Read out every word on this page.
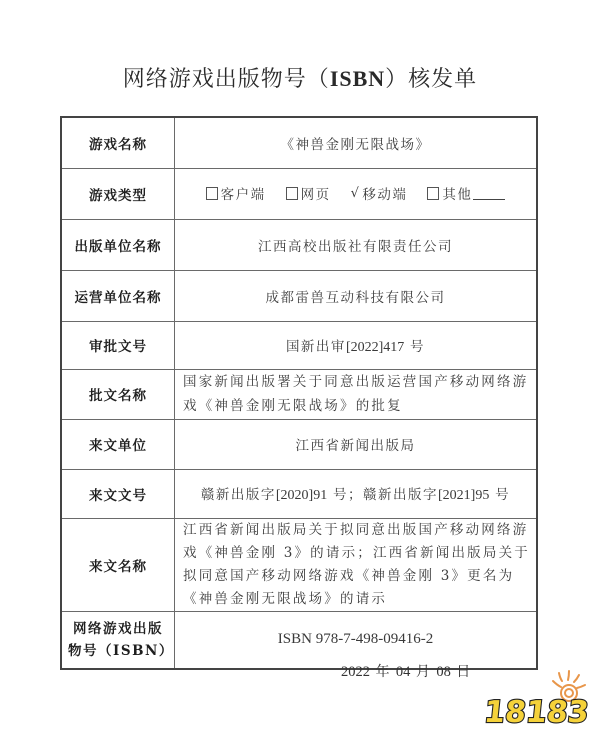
网络游戏出版物号（ISBN）核发单
游戏名称	《神兽金刚无限战场》
游戏类型	客户端 网页 √ 移动端 其他

出版单位名称	江西高校出版社有限责任公司
运营单位名称	成都雷兽互动科技有限公司
审批文号	国新出审[2022]417 号
批文名称	国家新闻出版署关于同意出版运营国产移动网络游戏《神兽金刚无限战场》的批复
来文单位	江西省新闻出版局
来文文号	赣新出版字[2020]91 号；赣新出版字[2021]95 号
来文名称	江西省新闻出版局关于拟同意出版国产移动网络游戏《神兽金刚 3》的请示；江西省新闻出版局关于拟同意国产移动网络游戏《神兽金刚 3》更名为《神兽金刚无限战场》的请示
网络游戏出版
物号（ISBN）	ISBN 978-7-498-09416-2
2022 年 04 月 08 日
18183
